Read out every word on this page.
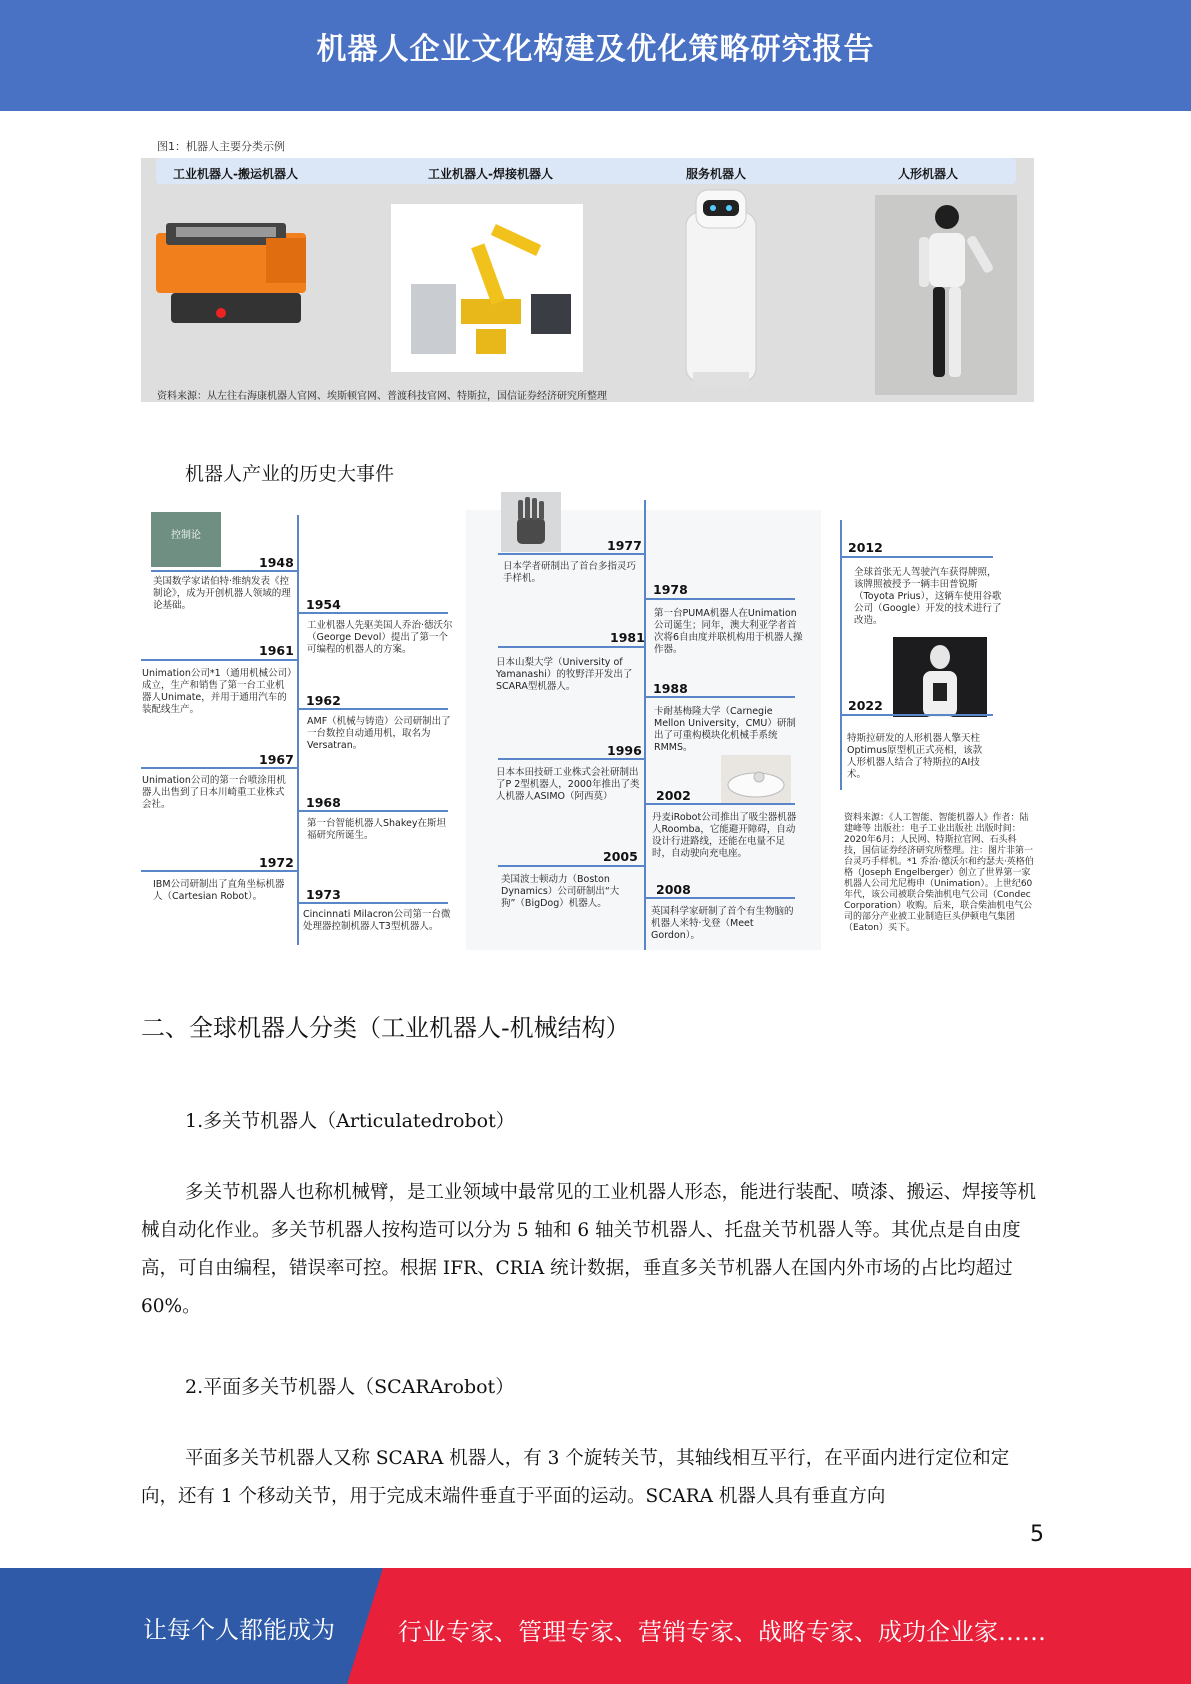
机器人企业文化构建及优化策略研究报告
图1：机器人主要分类示例
工业机器人-搬运机器人	工业机器人-焊接机器人	服务机器人	人形机器人
资料来源：从左往右海康机器人官网、埃斯顿官网、普渡科技官网、特斯拉，国信证券经济研究所整理
机器人产业的历史大事件
控制论
1948
美国数学家诺伯特·维纳发表《控制论》，成为开创机器人领域的理论基础。	1954
工业机器人先驱美国人乔治·德沃尔（George Devol）提出了第一个可编程的机器人的方案。
1961
Unimation公司*1（通用机械公司）成立，生产和销售了第一台工业机器人Unimate，并用于通用汽车的装配线生产。
1962
AMF（机械与铸造）公司研制出了一台数控自动通用机，取名为Versatran。
1967
Unimation公司的第一台喷涂用机器人出售到了日本川崎重工业株式会社。	1968
第一台智能机器人Shakey在斯坦福研究所诞生。
1972
IBM公司研制出了直角坐标机器人（Cartesian Robot）。	1973
Cincinnati Milacron公司第一台微处理器控制机器人T3型机器人。
1977
日本学者研制出了首台多指灵巧手样机。
1978
第一台PUMA机器人在Unimation公司诞生；同年，澳大利亚学者首次将6自由度并联机构用于机器人操作器。
1981
日本山梨大学（University of Yamanashi）的牧野洋开发出了SCARA型机器人。	1988
卡耐基梅隆大学（Carnegie Mellon University，CMU）研制出了可重构模块化机械手系统RMMS。
1996
日本本田技研工业株式会社研制出了P 2型机器人，2000年推出了类人机器人ASIMO（阿西莫）	2002
丹麦iRobot公司推出了吸尘器机器人Roomba，它能避开障碍，自动设计行进路线，还能在电量不足时，自动驶向充电座。
2005
美国波士顿动力（Boston Dynamics）公司研制出“大狗”（BigDog）机器人。
2008
英国科学家研制了首个有生物脑的机器人米特·戈登（Meet Gordon）。
2012
全球首张无人驾驶汽车获得牌照，该牌照被授予一辆丰田普锐斯（Toyota Prius），这辆车使用谷歌公司（Google）开发的技术进行了改造。
2022
特斯拉研发的人形机器人擎天柱Optimus原型机正式亮相，该款人形机器人结合了特斯拉的AI技术。
资料来源：《人工智能、智能机器人》作者：陆建峰等 出版社：电子工业出版社 出版时间：2020年6月；人民网、特斯拉官网、石头科技，国信证券经济研究所整理。注：图片非第一台灵巧手样机。*1 乔治·德沃尔和约瑟夫·英格伯格（Joseph Engelberger）创立了世界第一家机器人公司尤尼梅申（Unimation）。上世纪60年代，该公司被联合柴油机电气公司（Condec Corporation）收购。后来，联合柴油机电气公司的部分产业被工业制造巨头伊顿电气集团（Eaton）买下。
二、全球机器人分类（工业机器人-机械结构）
1.多关节机器人（Articulatedrobot）
多关节机器人也称机械臂，是工业领域中最常见的工业机器人形态，能进行装配、喷漆、搬运、焊接等机械自动化作业。多关节机器人按构造可以分为 5 轴和 6 轴关节机器人、托盘关节机器人等。其优点是自由度高，可自由编程，错误率可控。根据 IFR、CRIA 统计数据，垂直多关节机器人在国内外市场的占比均超过 60%。
2.平面多关节机器人（SCARArobot）
平面多关节机器人又称 SCARA 机器人，有 3 个旋转关节，其轴线相互平行，在平面内进行定位和定向，还有 1 个移动关节，用于完成末端件垂直于平面的运动。SCARA 机器人具有垂直方向
5
让每个人都能成为	行业专家、管理专家、营销专家、战略专家、成功企业家……
